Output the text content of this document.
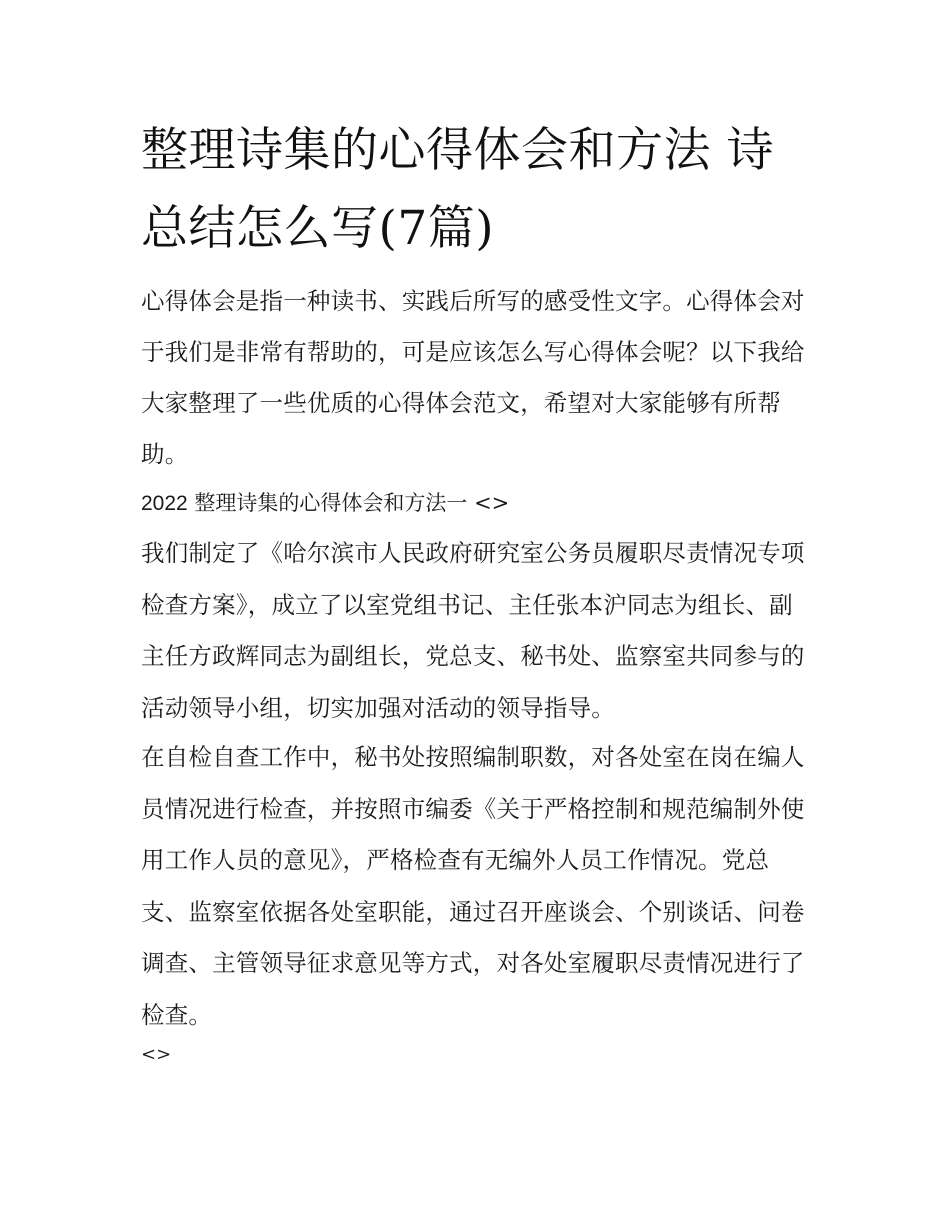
整理诗集的心得体会和方法 诗总结怎么写(7篇)

心得体会是指一种读书、实践后所写的感受性文字。心得体会对于我们是非常有帮助的，可是应该怎么写心得体会呢？以下我给大家整理了一些优质的心得体会范文，希望对大家能够有所帮助。

2022 整理诗集的心得体会和方法一 <>

我们制定了《哈尔滨市人民政府研究室公务员履职尽责情况专项检查方案》，成立了以室党组书记、主任张本沪同志为组长、副主任方政辉同志为副组长，党总支、秘书处、监察室共同参与的活动领导小组，切实加强对活动的领导指导。

在自检自查工作中，秘书处按照编制职数，对各处室在岗在编人员情况进行检查，并按照市编委《关于严格控制和规范编制外使用工作人员的意见》，严格检查有无编外人员工作情况。党总支、监察室依据各处室职能，通过召开座谈会、个别谈话、问卷调查、主管领导征求意见等方式，对各处室履职尽责情况进行了检查。

<>
